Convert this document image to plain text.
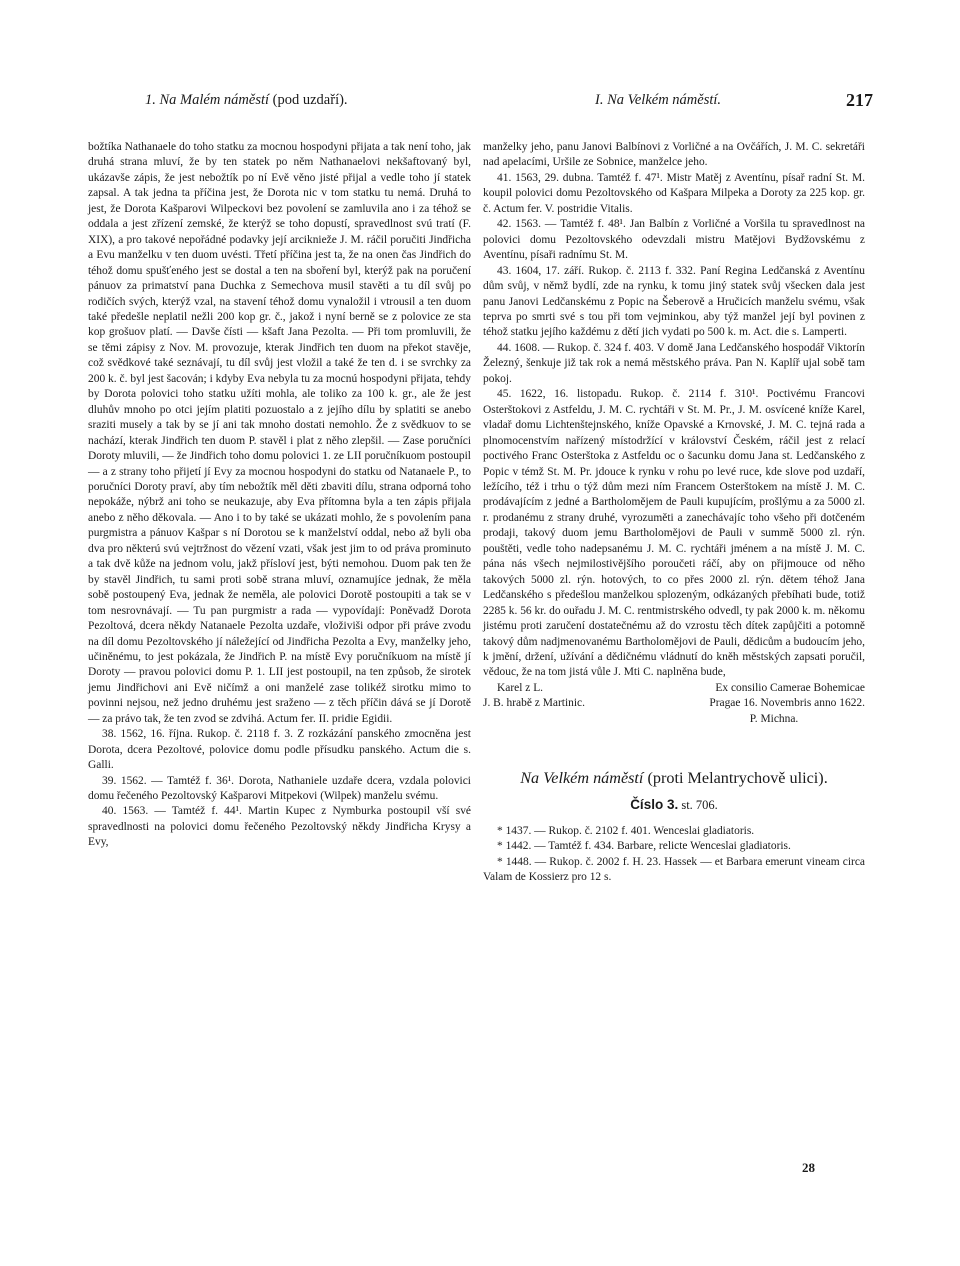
1. Na Malém náměstí (pod uzdaří).	I. Na Velkém náměstí.	217

božtíka Nathanaele do toho statku za mocnou hospodyni přijata a tak není toho, jak druhá strana mluví, že by ten statek po něm Nathanaelovi nekšaftovaný byl, ukázavše zápis, že jest nebožtík po ní Evě věno jisté přijal a vedle toho jí statek zapsal. A tak jedna ta příčina jest, že Dorota nic v tom statku tu nemá. Druhá to jest, že Dorota Kašparovi Wilpeckovi bez povolení se zamluvila ano i za téhož se oddala a jest zřízení zemské, že kterýž se toho dopustí, spravedlnost svú tratí (F. XIX), a pro takové nepořádné podavky její arciknieže J. M. ráčil poručiti Jindřicha a Evu manželku v ten duom uvésti. Třetí příčina jest ta, že na onen čas Jindřich do téhož domu spušťeného jest se dostal a ten na sboření byl, kterýž pak na poručení pánuov za primatství pana Duchka z Semechova musil stavěti a tu díl svůj po rodičích svých, kterýž vzal, na stavení téhož domu vynaložil i vtrousil a ten duom také předešle neplatil nežli 200 kop gr. č., jakož i nyní berně se z polovice ze sta kop grošuov platí. — Davše čísti — kšaft Jana Pezolta. — Při tom promluvili, že se těmi zápisy z Nov. M. provozuje, kterak Jindřich ten duom na překot stavěje, což svědkové také seznávají, tu díl svůj jest vložil a také že ten d. i se svrchky za 200 k. č. byl jest šacován; i kdyby Eva nebyla tu za mocnú hospodyni přijata, tehdy by Dorota polovici toho statku užíti mohla, ale toliko za 100 k. gr., ale že jest dluhův mnoho po otci jejím platiti pozuostalo a z jejího dílu by splatiti se anebo sraziti musely a tak by se jí ani tak mnoho dostati nemohlo. Že z svědkuov to se nachází, kterak Jindřich ten duom P. stavěl i plat z něho zlepšil. — Zase poručníci Doroty mluvili, — že Jindřich toho domu polovici 1. ze LII poručníkuom postoupil — a z strany toho přijetí jí Evy za mocnou hospodyni do statku od Natanaele P., to poručníci Doroty praví, aby tím nebožtík měl děti zbaviti dílu, strana odporná toho nepokáže, nýbrž ani toho se neukazuje, aby Eva přítomna byla a ten zápis přijala anebo z něho děkovala. — Ano i to by také se ukázati mohlo, že s povolením pana purgmistra a pánuov Kašpar s ní Dorotou se k manželství oddal, nebo až byli oba dva pro některú svú vejtržnost do vězení vzati, však jest jim to od práva prominuto a tak dvě kůže na jednom volu, jakž přísloví jest, býti nemohou. Duom pak ten že by stavěl Jindřich, tu sami proti sobě strana mluví, oznamujíce jednak, že měla sobě postoupený Eva, jednak že neměla, ale polovici Dorotě postoupiti a tak se v tom nesrovnávají. — Tu pan purgmistr a rada — vypovídají: Poněvadž Dorota Pezoltová, dcera někdy Natanaele Pezolta uzdaře, vloživiši odpor při práve zvodu na díl domu Pezoltovského jí náležející od Jindřicha Pezolta a Evy, manželky jeho, učiněnému, to jest pokázala, že Jindřich P. na místě Evy poručníkuom na místě jí Doroty — pravou polovici domu P. 1. LII jest postoupil, na ten způsob, že sirotek jemu Jindřichovi ani Evě ničímž a oni manželé zase tolikéž sirotku mimo to povinni nejsou, než jedno druhému jest sraženo — z těch příčin dává se jí Dorotě — za právo tak, že ten zvod se zdvihá. Actum fer. II. pridie Egidii.

38. 1562, 16. října. Rukop. č. 2118 f. 3. Z rozkázání panského zmocněna jest Dorota, dcera Pezoltové, polovice domu podle přísudku panského. Actum die s. Galli.

39. 1562. — Tamtéž f. 36¹. Dorota, Nathaniele uzdaře dcera, vzdala polovici domu řečeného Pezoltovský Kašparovi Mitpekovi (Wilpek) manželu svému.

40. 1563. — Tamtéž f. 44¹. Martin Kupec z Nymburka postoupil vší své spravedlnosti na polovici domu řečeného Pezoltovský někdy Jindřicha Krysy a Evy,

manželky jeho, panu Janovi Balbínovi z Vorličné a na Ovčářích, J. M. C. sekretáři nad apelacími, Uršile ze Sobnice, manželce jeho.

41. 1563, 29. dubna. Tamtéž f. 47¹. Mistr Matěj z Aventínu, písař radní St. M. koupil polovici domu Pezoltovského od Kašpara Milpeka a Doroty za 225 kop. gr. č. Actum fer. V. postridie Vitalis.

42. 1563. — Tamtéž f. 48¹. Jan Balbín z Vorličné a Voršila tu spravedlnost na polovici domu Pezoltovského odevzdali mistru Matějovi Bydžovskému z Aventínu, písaři radnímu St. M.

43. 1604, 17. září. Rukop. č. 2113 f. 332. Paní Regina Ledčanská z Aventínu dům svůj, v němž bydlí, zde na rynku, k tomu jiný statek svůj všecken dala jest panu Janovi Ledčanskému z Popic na Šeberově a Hručicích manželu svému, však teprva po smrti své s tou při tom vejminkou, aby týž manžel její byl povinen z téhož statku jejího každému z dětí jich vydati po 500 k. m. Act. die s. Lamperti.

44. 1608. — Rukop. č. 324 f. 403. V domě Jana Ledčanského hospodář Viktorín Železný, šenkuje již tak rok a nemá městského práva. Pan N. Kaplíř ujal sobě tam pokoj.

45. 1622, 16. listopadu. Rukop. č. 2114 f. 310¹. Poctivému Francovi Osterštokovi z Astfeldu, J. M. C. rychtáři v St. M. Pr., J. M. osvícené kníže Karel, vladař domu Lichtenštejnského, kníže Opavské a Krnovské, J. M. C. tejná rada a plnomocenstvím nařízený místodržící v království Českém, ráčil jest z relací poctivého Franc Osterštoka z Astfeldu oc o šacunku domu Jana st. Ledčanského z Popic v témž St. M. Pr. jdouce k rynku v rohu po levé ruce, kde slove pod uzdaří, ležícího, též i trhu o týž dům mezi ním Francem Osterštokem na místě J. M. C. prodávajícím z jedné a Bartholomějem de Pauli kupujícím, prošlýmu a za 5000 zl. r. prodanému z strany druhé, vyrozuměti a zanechávajíc toho všeho při dotčeném prodaji, takový duom jemu Bartholomějovi de Pauli v summě 5000 zl. rýn. pouštěti, vedle toho nadepsanému J. M. C. rychtáři jménem a na místě J. M. C. pána nás všech nejmilostivějšího poroučeti ráčí, aby on přijmouce od něho takových 5000 zl. rýn. hotových, to co přes 2000 zl. rýn. dětem téhož Jana Ledčanského s předešlou manželkou splozeným, odkázaných přebíhati bude, totiž 2285 k. 56 kr. do ouřadu J. M. C. rentmistrského odvedl, ty pak 2000 k. m. někomu jistému proti zaručení dostatečnému až do vzrostu těch dítek zapůjčiti a potomně takový dům nadjmenovanému Bartholomějovi de Pauli, dědicům a budoucím jeho, k jmění, držení, užívání a dědičnému vládnutí do kněh městských zapsati poručil, vědouc, že na tom jistá vůle J. Mti C. naplněna bude,

Karel z L.	Ex consilio Camerae Bohemicae
J. B. hrabě z Martinic.	Pragae 16. Novembris anno 1622.
P. Michna.
Na Velkém náměstí (proti Melantrychově ulici).
Číslo 3. st. 706.

* 1437. — Rukop. č. 2102 f. 401. Wenceslai gladiatoris.

* 1442. — Tamtéž f. 434. Barbare, relicte Wenceslai gladiatoris.

* 1448. — Rukop. č. 2002 f. H. 23. Hassek — et Barbara emerunt vineam circa Valam de Kossierz pro 12 s.

28
